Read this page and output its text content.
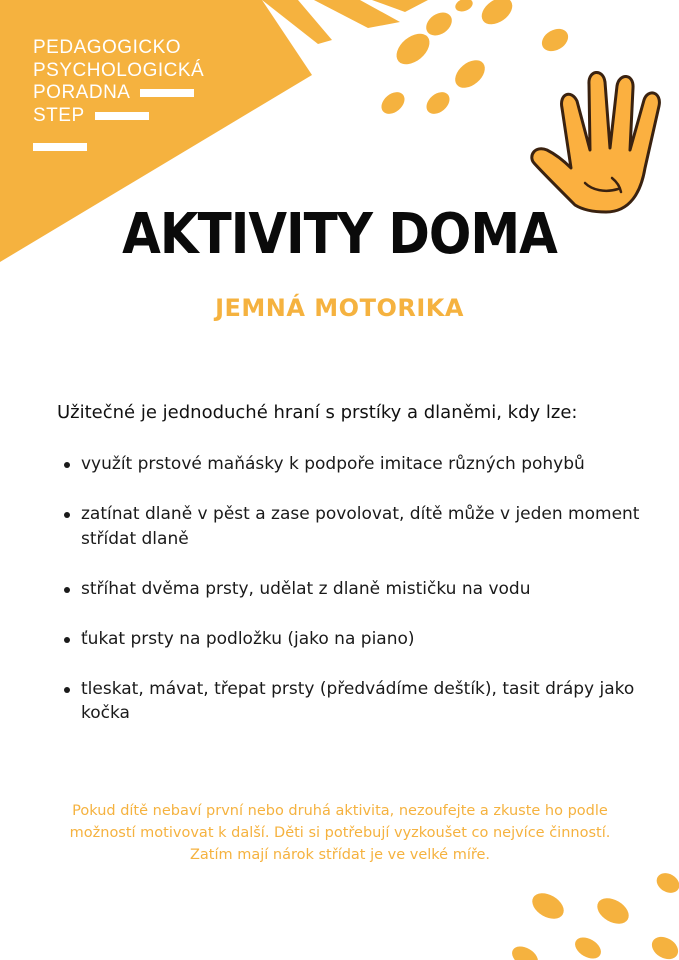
PEDAGOGICKO
PSYCHOLOGICKÁ
PORADNA
STEP
AKTIVITY DOMA
JEMNÁ MOTORIKA
Užitečné je jednoduché hraní s prstíky a dlaněmi, kdy lze:
využít prstové maňásky k podpoře imitace různých pohybů
zatínat dlaně v pěst a zase povolovat, dítě může v jeden moment střídat dlaně
stříhat dvěma prsty, udělat z dlaně mističku na vodu
ťukat prsty na podložku (jako na piano)
tleskat, mávat, třepat prsty (předvádíme deštík), tasit drápy jako kočka
Pokud dítě nebaví první nebo druhá aktivita, nezoufejte a zkuste ho podle možností motivovat k další. Děti si potřebují vyzkoušet co nejvíce činností. Zatím mají nárok střídat je ve velké míře.
